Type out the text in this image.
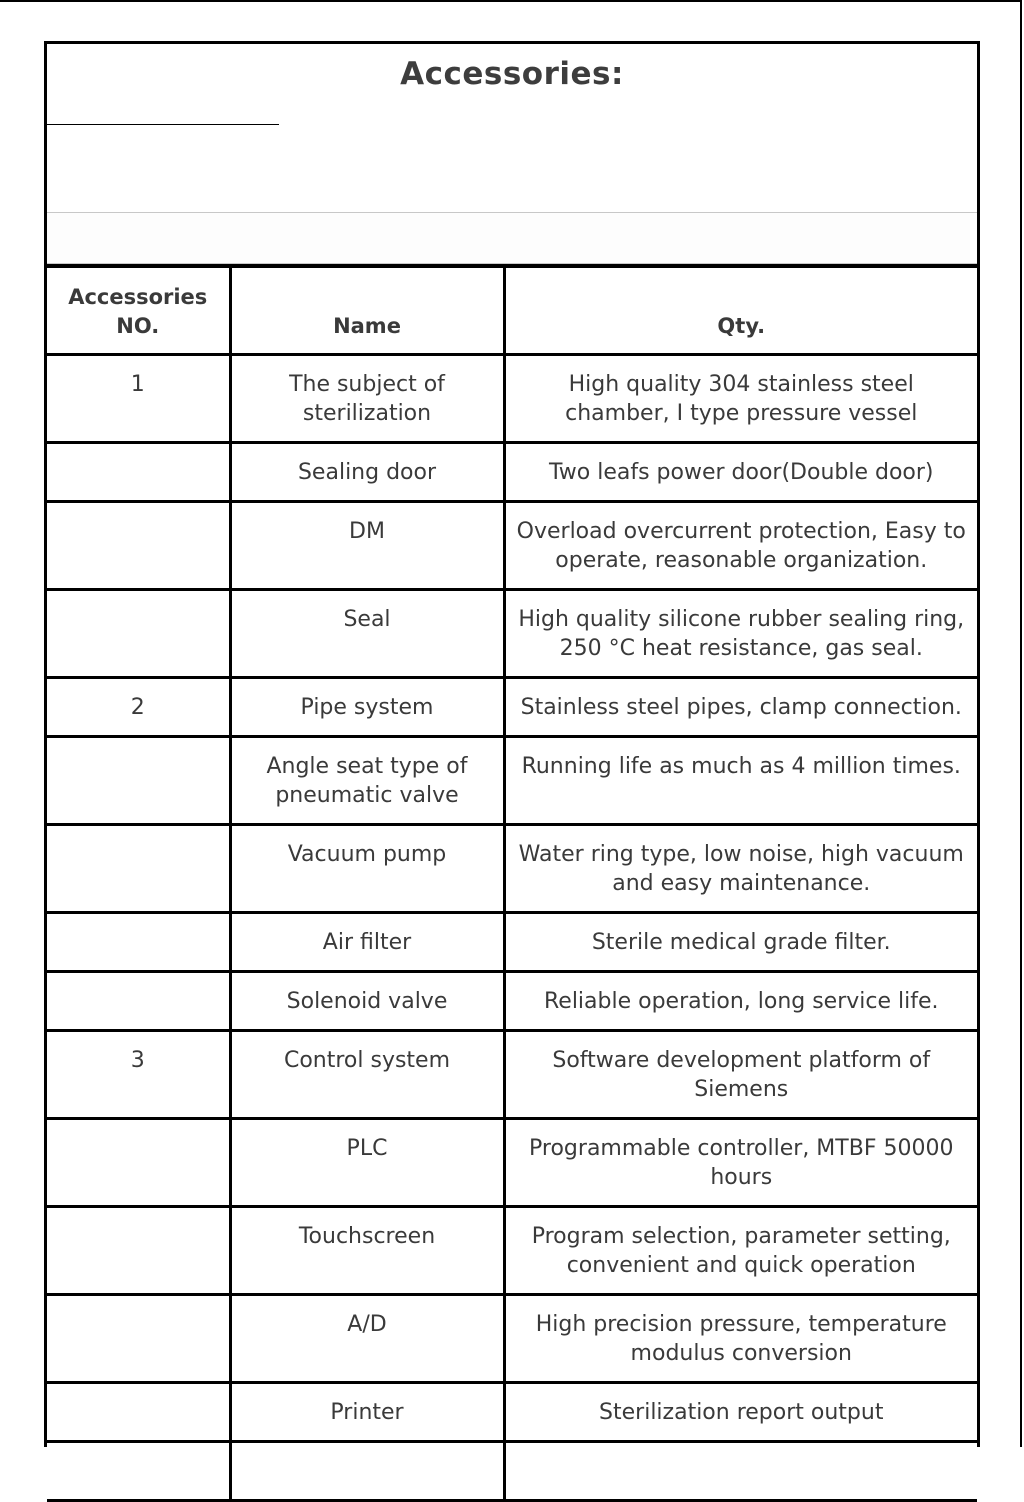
Accessories:
Accessories NO.	Name	Qty.
1	The subject of sterilization	High quality 304 stainless steel chamber, I type pressure vessel
	Sealing door	Two leafs power door(Double door)
	DM	Overload overcurrent protection, Easy to operate, reasonable organization.
	Seal	High quality silicone rubber sealing ring, 250 °C heat resistance, gas seal.
2	Pipe system	Stainless steel pipes, clamp connection.
	Angle seat type of pneumatic valve	Running life as much as 4 million times.
	Vacuum pump	Water ring type, low noise, high vacuum and easy maintenance.
	Air filter	Sterile medical grade filter.
	Solenoid valve	Reliable operation, long service life.
3	Control system	Software development platform of Siemens
	PLC	Programmable controller, MTBF 50000 hours
	Touchscreen	Program selection, parameter setting, convenient and quick operation
	A/D	High precision pressure, temperature modulus conversion
	Printer	Sterilization report output
